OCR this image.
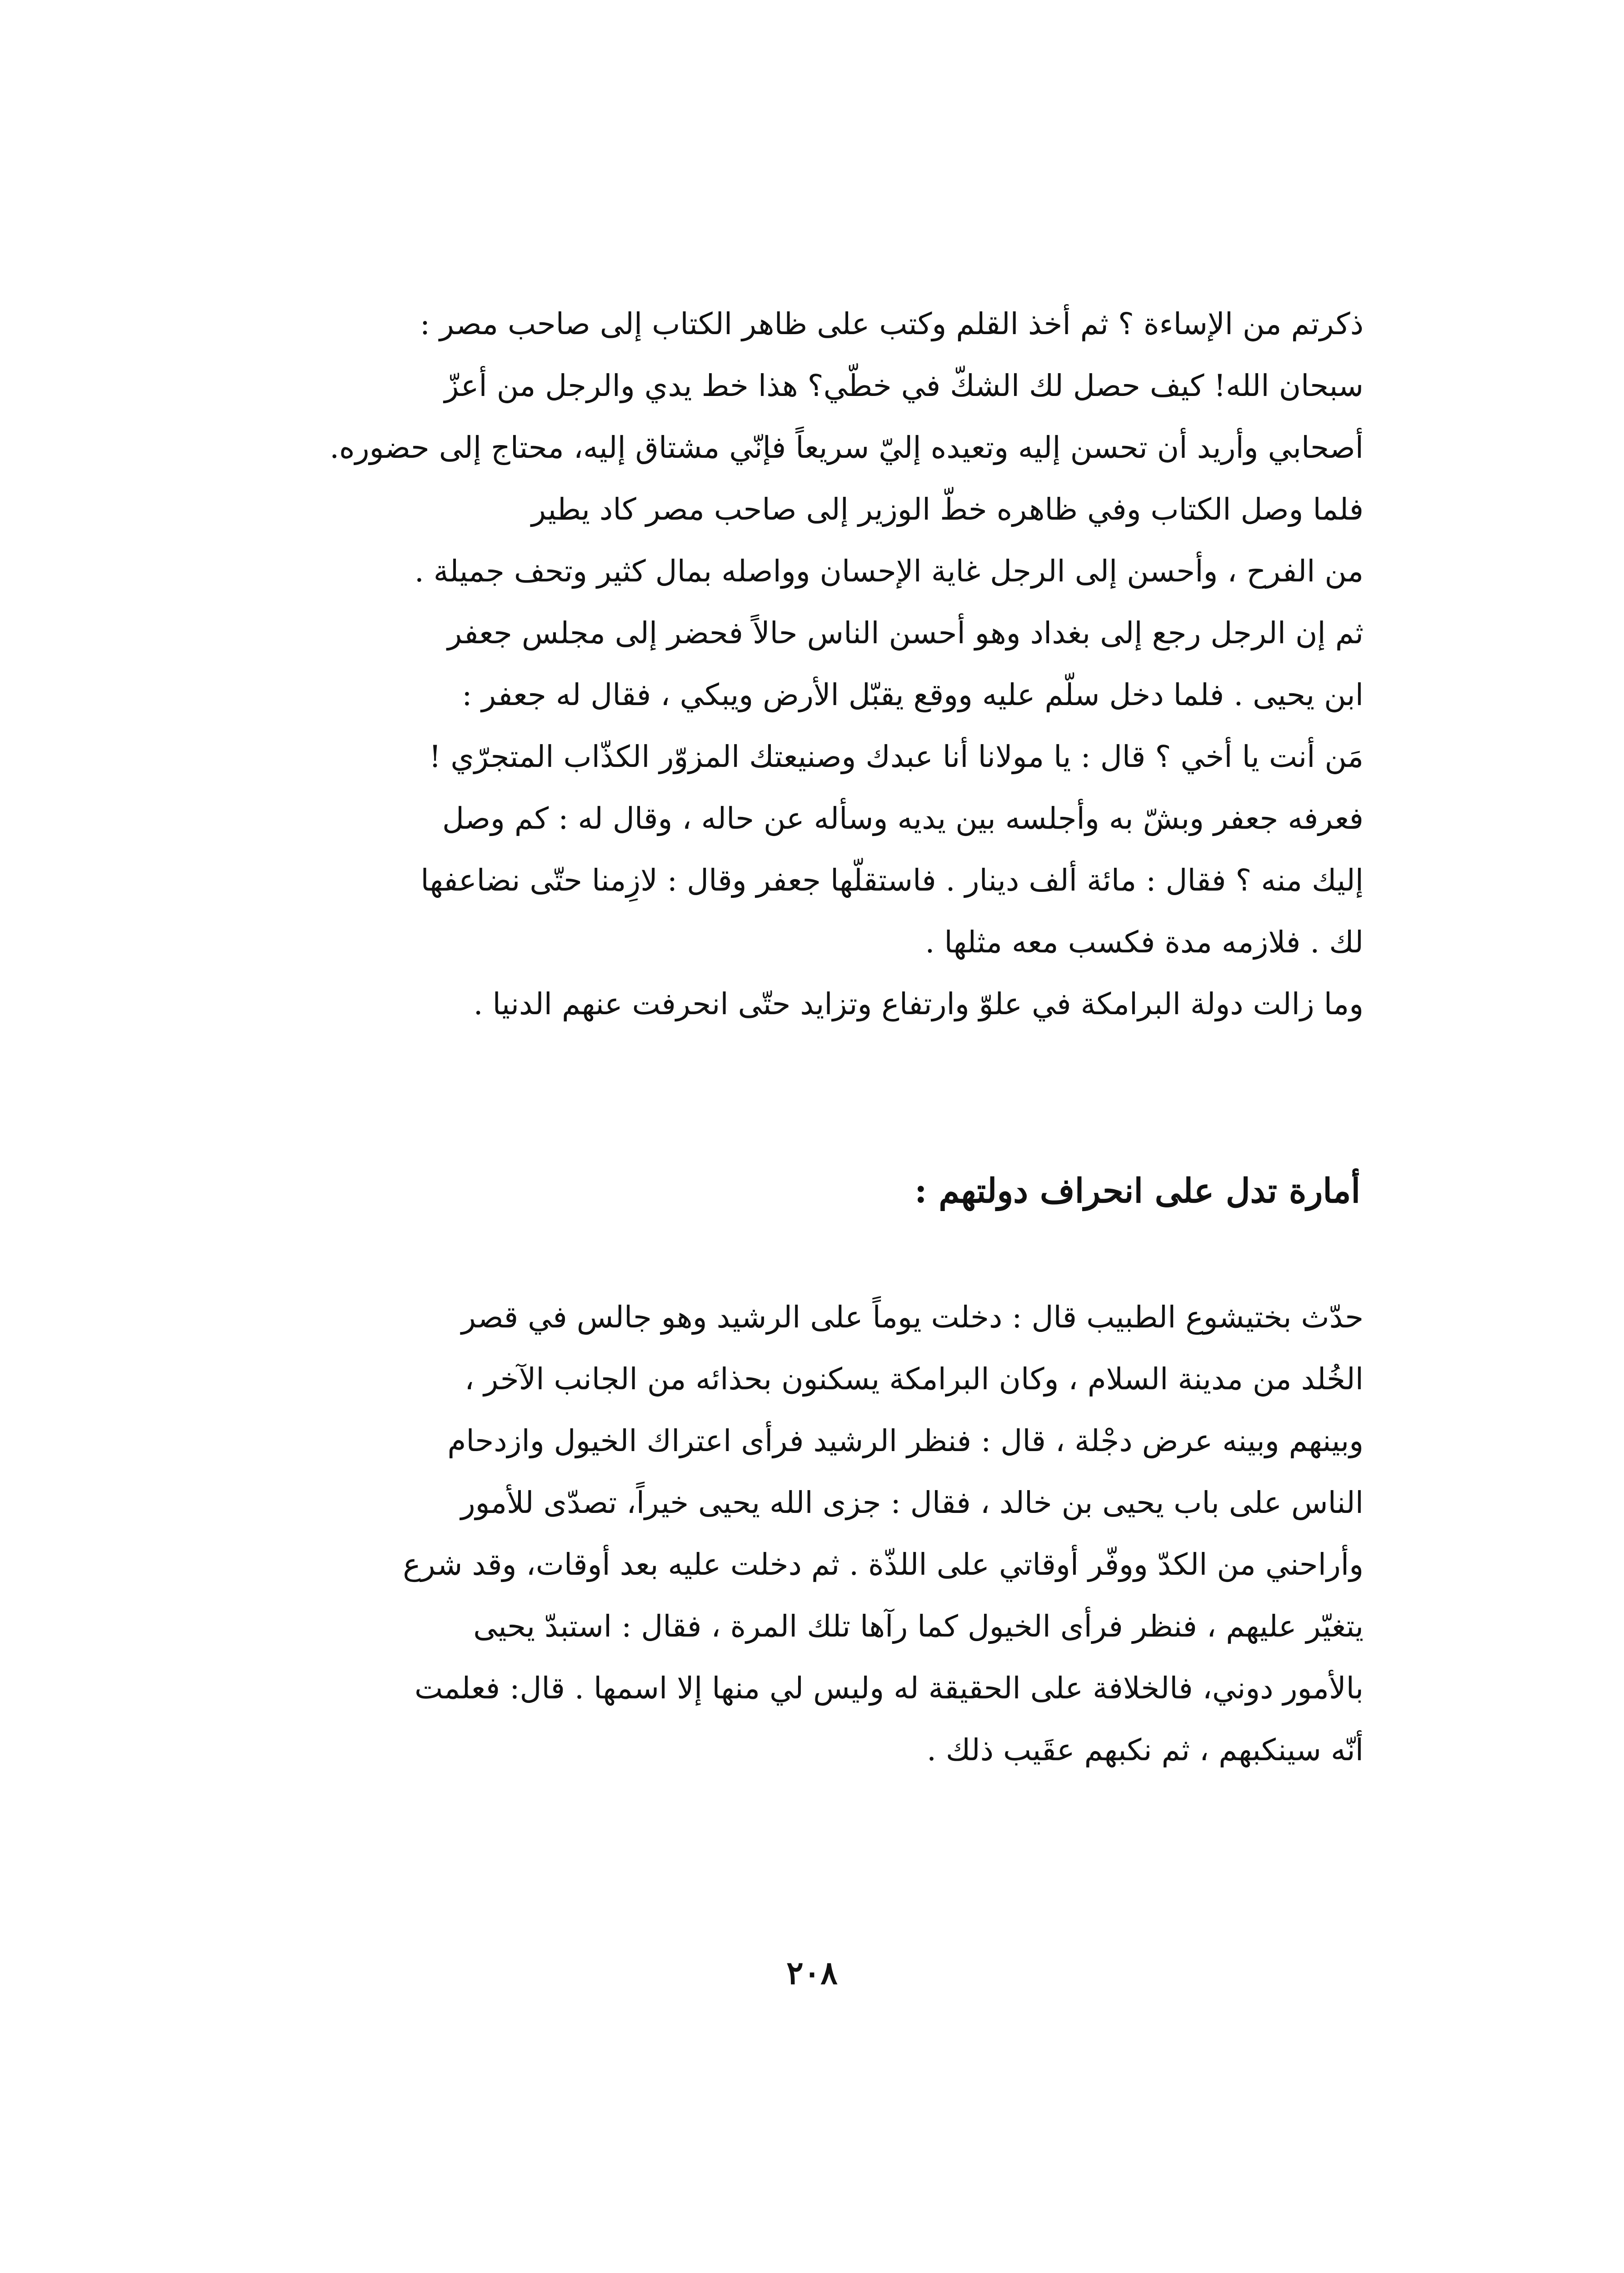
ذكرتم من الإساءة ؟ ثم أخذ القلم وكتب على ظاهر الكتاب إلى صاحب مصر :
سبحان الله! كيف حصل لك الشكّ في خطّي؟ هذا خط يدي والرجل من أعزّ
أصحابي وأريد أن تحسن إليه وتعيده إليّ سريعاً فإنّي مشتاق إليه، محتاج إلى حضوره.
فلما وصل الكتاب وفي ظاهره خطّ الوزير إلى صاحب مصر كاد يطير
من الفرح ، وأحسن إلى الرجل غاية الإحسان وواصله بمال كثير وتحف جميلة .
ثم إن الرجل رجع إلى بغداد وهو أحسن الناس حالاً فحضر إلى مجلس جعفر
ابن يحيى . فلما دخل سلّم عليه ووقع يقبّل الأرض ويبكي ، فقال له جعفر :
مَن أنت يا أخي ؟ قال : يا مولانا أنا عبدك وصنيعتك المزوّر الكذّاب المتجرّي !
فعرفه جعفر وبشّ به وأجلسه بين يديه وسأله عن حاله ، وقال له : كم وصل
إليك منه ؟ فقال : مائة ألف دينار . فاستقلّها جعفر وقال : لازِمنا حتّى نضاعفها
لك . فلازمه مدة فكسب معه مثلها .
وما زالت دولة البرامكة في علوّ وارتفاع وتزايد حتّى انحرفت عنهم الدنيا .
أمارة تدل على انحراف دولتهم :
حدّث بختيشوع الطبيب قال : دخلت يوماً على الرشيد وهو جالس في قصر
الخُلد من مدينة السلام ، وكان البرامكة يسكنون بحذائه من الجانب الآخر ،
وبينهم وبينه عرض دجْلة ، قال : فنظر الرشيد فرأى اعتراك الخيول وازدحام
الناس على باب يحيى بن خالد ، فقال : جزى الله يحيى خيراً، تصدّى للأمور
وأراحني من الكدّ ووفّر أوقاتي على اللذّة . ثم دخلت عليه بعد أوقات، وقد شرع
يتغيّر عليهم ، فنظر فرأى الخيول كما رآها تلك المرة ، فقال : استبدّ يحيى
بالأمور دوني، فالخلافة على الحقيقة له وليس لي منها إلا اسمها . قال: فعلمت
أنّه سينكبهم ، ثم نكبهم عقَيب ذلك .
٢٠٨
